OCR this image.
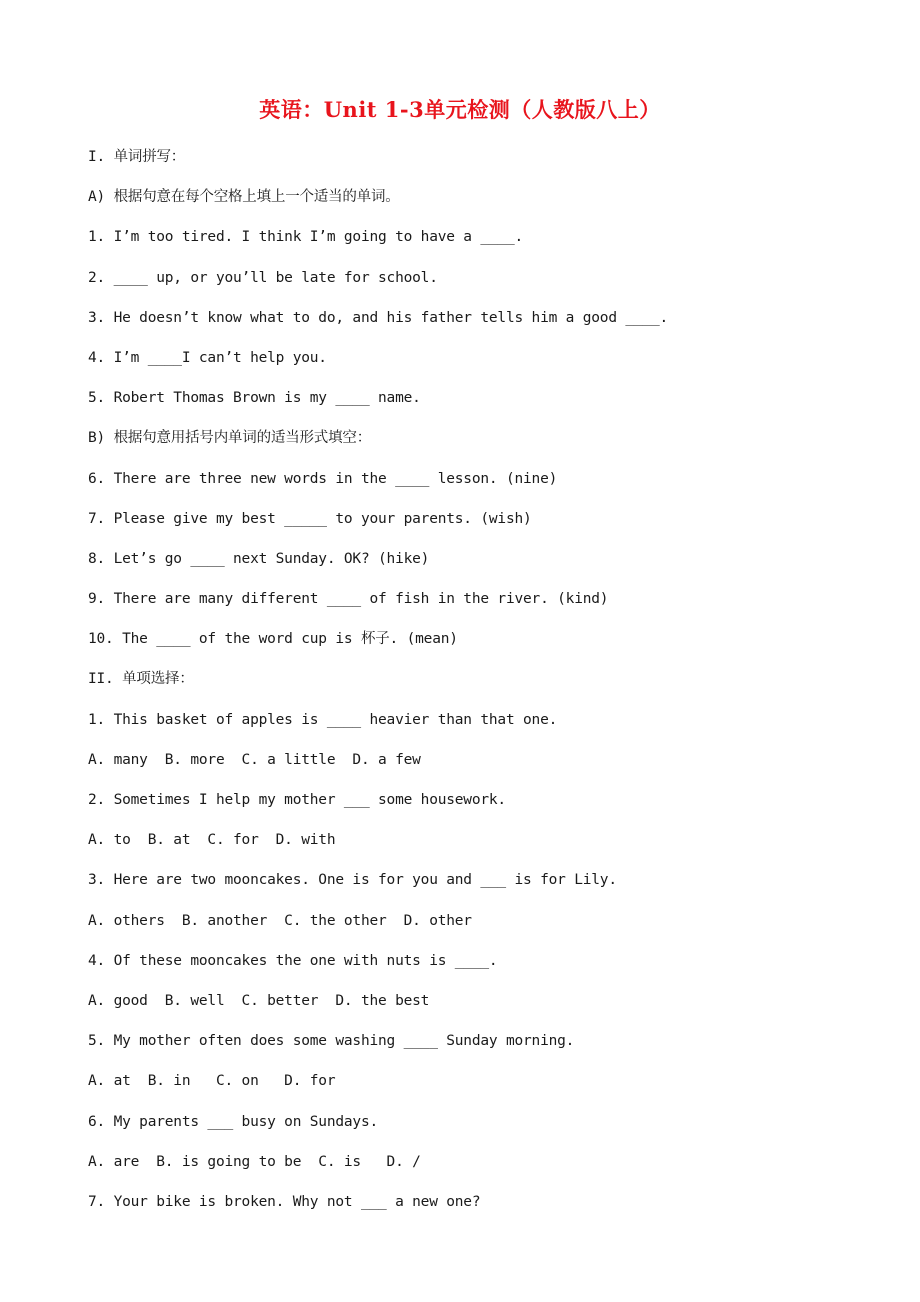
英语：Unit 1-3单元检测（人教版八上）
I. 单词拼写：
A) 根据句意在每个空格上填上一个适当的单词。
1. I’m too tired. I think I’m going to have a ____.
2. ____ up, or you’ll be late for school.
3. He doesn’t know what to do, and his father tells him a good ____.
4. I’m ____I can’t help you.
5. Robert Thomas Brown is my ____ name.
B) 根据句意用括号内单词的适当形式填空：
6. There are three new words in the ____ lesson. (nine)
7. Please give my best _____ to your parents. (wish)
8. Let’s go ____ next Sunday. OK? (hike)
9. There are many different ____ of fish in the river. (kind)
10. The ____ of the word cup is 杯子. (mean)
II. 单项选择：
1. This basket of apples is ____ heavier than that one.
A. many  B. more  C. a little  D. a few
2. Sometimes I help my mother ___ some housework.
A. to  B. at  C. for  D. with
3. Here are two mooncakes. One is for you and ___ is for Lily.
A. others  B. another  C. the other  D. other
4. Of these mooncakes the one with nuts is ____.
A. good  B. well  C. better  D. the best
5. My mother often does some washing ____ Sunday morning.
A. at  B. in   C. on   D. for
6. My parents ___ busy on Sundays.
A. are  B. is going to be  C. is   D. /
7. Your bike is broken. Why not ___ a new one?
